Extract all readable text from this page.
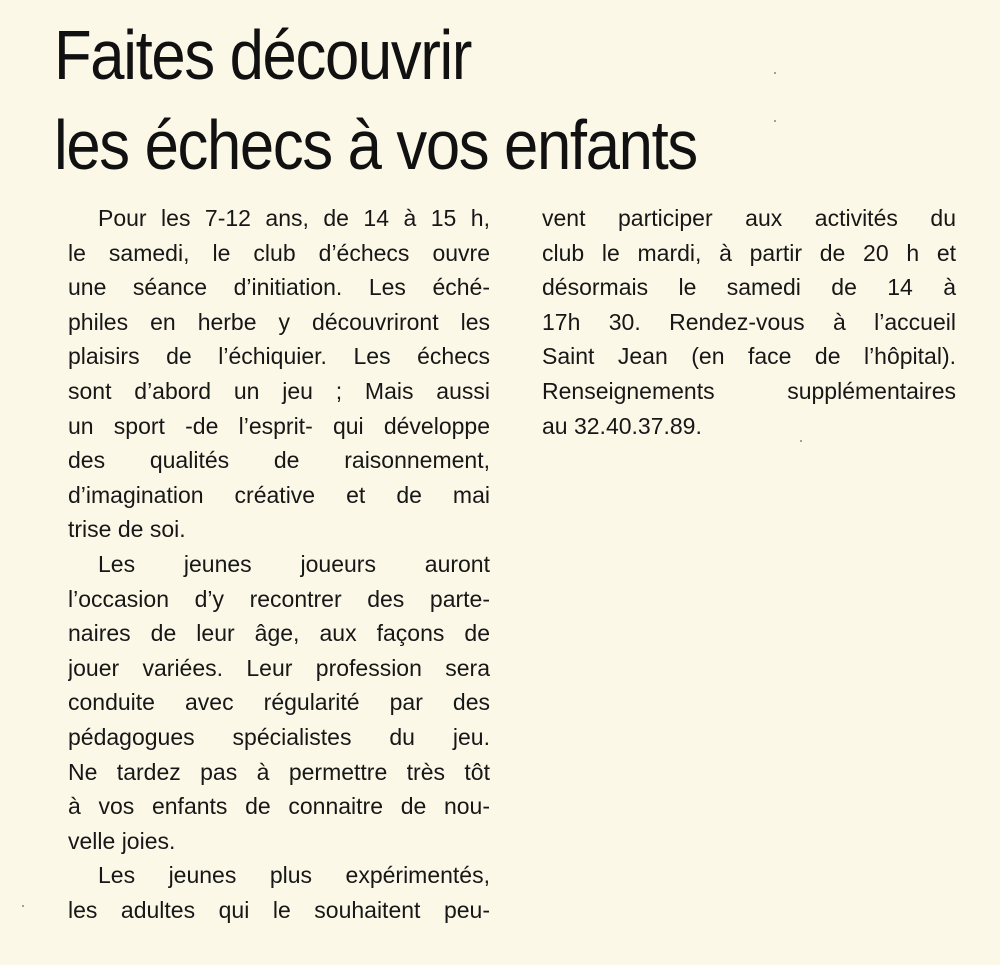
Faites découvrir
les échecs à vos enfants
Pour les 7-12 ans, de 14 à 15 h,
le samedi, le club d’échecs ouvre
une séance d’initiation. Les éché-
philes en herbe y découvriront les
plaisirs de l’échiquier. Les échecs
sont d’abord un jeu ; Mais aussi
un sport -de l’esprit- qui développe
des qualités de raisonnement,
d’imagination créative et de mai
trise de soi.
Les jeunes joueurs auront
l’occasion d’y recontrer des parte-
naires de leur âge, aux façons de
jouer variées. Leur profession sera
conduite avec régularité par des
pédagogues spécialistes du jeu.
Ne tardez pas à permettre très tôt
à vos enfants de connaitre de nou-
velle joies.
Les jeunes plus expérimentés,
les adultes qui le souhaitent peu-
vent participer aux activités du
club le mardi, à partir de 20 h et
désormais le samedi de 14 à
17h 30. Rendez-vous à l’accueil
Saint Jean (en face de l’hôpital).
Renseignements supplémentaires
au 32.40.37.89.
